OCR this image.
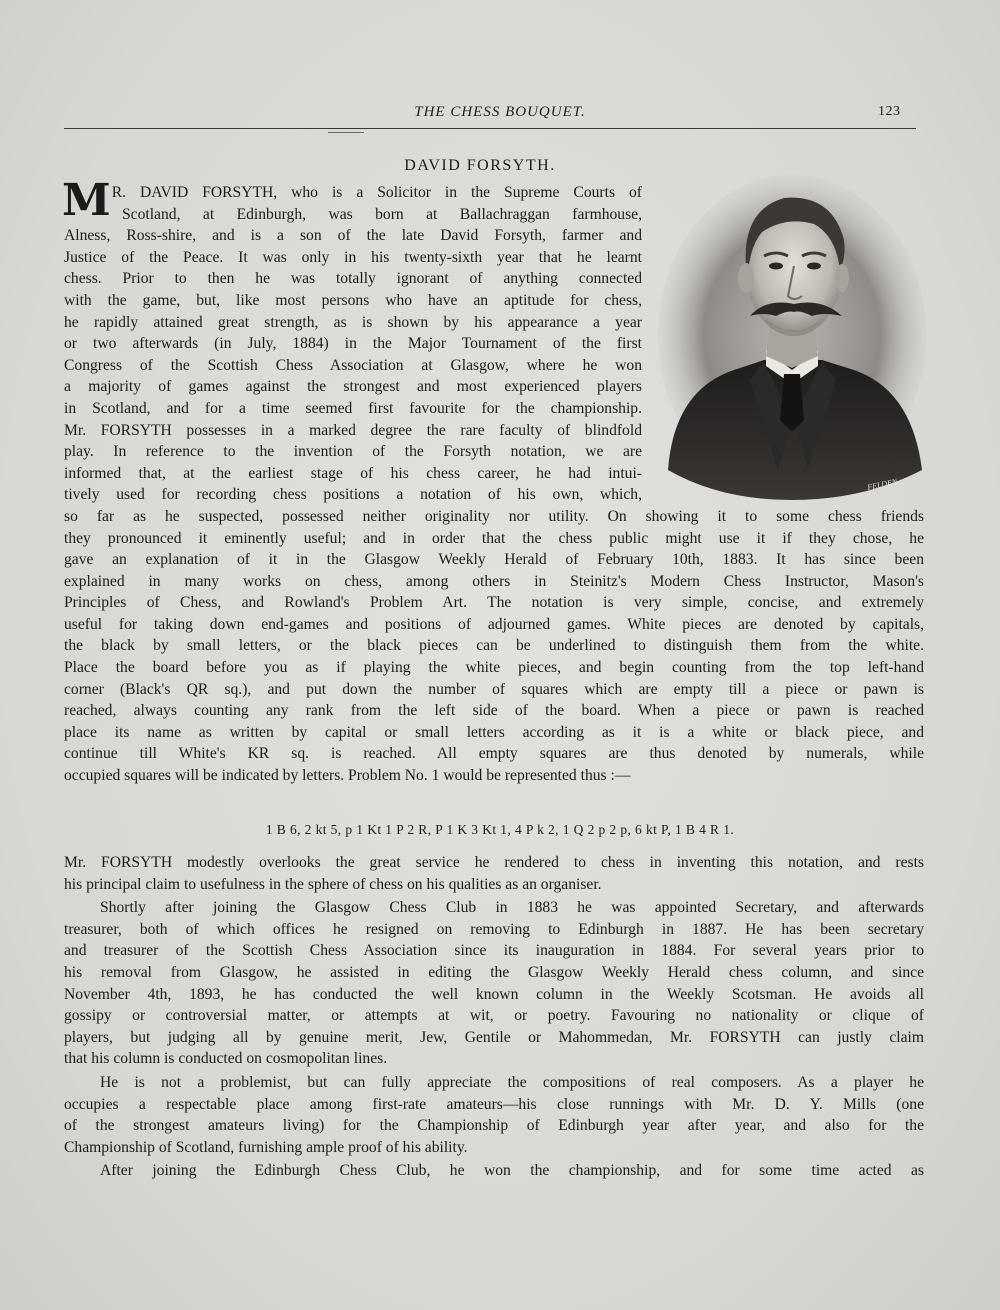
THE CHESS BOUQUET.	123
DAVID FORSYTH.
FELDEN
M R. DAVID FORSYTH, who is a Solicitor in the Supreme Courts of
Scotland, at Edinburgh, was born at Ballachraggan farmhouse,
Alness, Ross-shire, and is a son of the late David Forsyth, farmer and
Justice of the Peace. It was only in his twenty-sixth year that he learnt
chess. Prior to then he was totally ignorant of anything connected
with the game, but, like most persons who have an aptitude for chess,
he rapidly attained great strength, as is shown by his appearance a year
or two afterwards (in July, 1884) in the Major Tournament of the first
Congress of the Scottish Chess Association at Glasgow, where he won
a majority of games against the strongest and most experienced players
in Scotland, and for a time seemed first favourite for the championship.
Mr. FORSYTH possesses in a marked degree the rare faculty of blindfold
play. In reference to the invention of the Forsyth notation, we are
informed that, at the earliest stage of his chess career, he had intui-
tively used for recording chess positions a notation of his own, which,
so far as he suspected, possessed neither originality nor utility. On showing it to some chess friends
they pronounced it eminently useful; and in order that the chess public might use it if they chose, he
gave an explanation of it in the Glasgow Weekly Herald of February 10th, 1883. It has since been
explained in many works on chess, among others in Steinitz's Modern Chess Instructor, Mason's
Principles of Chess, and Rowland's Problem Art. The notation is very simple, concise, and extremely
useful for taking down end-games and positions of adjourned games. White pieces are denoted by capitals,
the black by small letters, or the black pieces can be underlined to distinguish them from the white.
Place the board before you as if playing the white pieces, and begin counting from the top left-hand
corner (Black's QR sq.), and put down the number of squares which are empty till a piece or pawn is
reached, always counting any rank from the left side of the board. When a piece or pawn is reached
place its name as written by capital or small letters according as it is a white or black piece, and
continue till White's KR sq. is reached. All empty squares are thus denoted by numerals, while
occupied squares will be indicated by letters. Problem No. 1 would be represented thus :—
1 B 6, 2 kt 5, p 1 Kt 1 P 2 R, P 1 K 3 Kt 1, 4 P k 2, 1 Q 2 p 2 p, 6 kt P, 1 B 4 R 1.
Mr. FORSYTH modestly overlooks the great service he rendered to chess in inventing this notation, and rests
his principal claim to usefulness in the sphere of chess on his qualities as an organiser.
Shortly after joining the Glasgow Chess Club in 1883 he was appointed Secretary, and afterwards
treasurer, both of which offices he resigned on removing to Edinburgh in 1887. He has been secretary
and treasurer of the Scottish Chess Association since its inauguration in 1884. For several years prior to
his removal from Glasgow, he assisted in editing the Glasgow Weekly Herald chess column, and since
November 4th, 1893, he has conducted the well known column in the Weekly Scotsman. He avoids all
gossipy or controversial matter, or attempts at wit, or poetry. Favouring no nationality or clique of
players, but judging all by genuine merit, Jew, Gentile or Mahommedan, Mr. FORSYTH can justly claim
that his column is conducted on cosmopolitan lines.
He is not a problemist, but can fully appreciate the compositions of real composers. As a player he
occupies a respectable place among first-rate amateurs—his close runnings with Mr. D. Y. Mills (one
of the strongest amateurs living) for the Championship of Edinburgh year after year, and also for the
Championship of Scotland, furnishing ample proof of his ability.
After joining the Edinburgh Chess Club, he won the championship, and for some time acted as
